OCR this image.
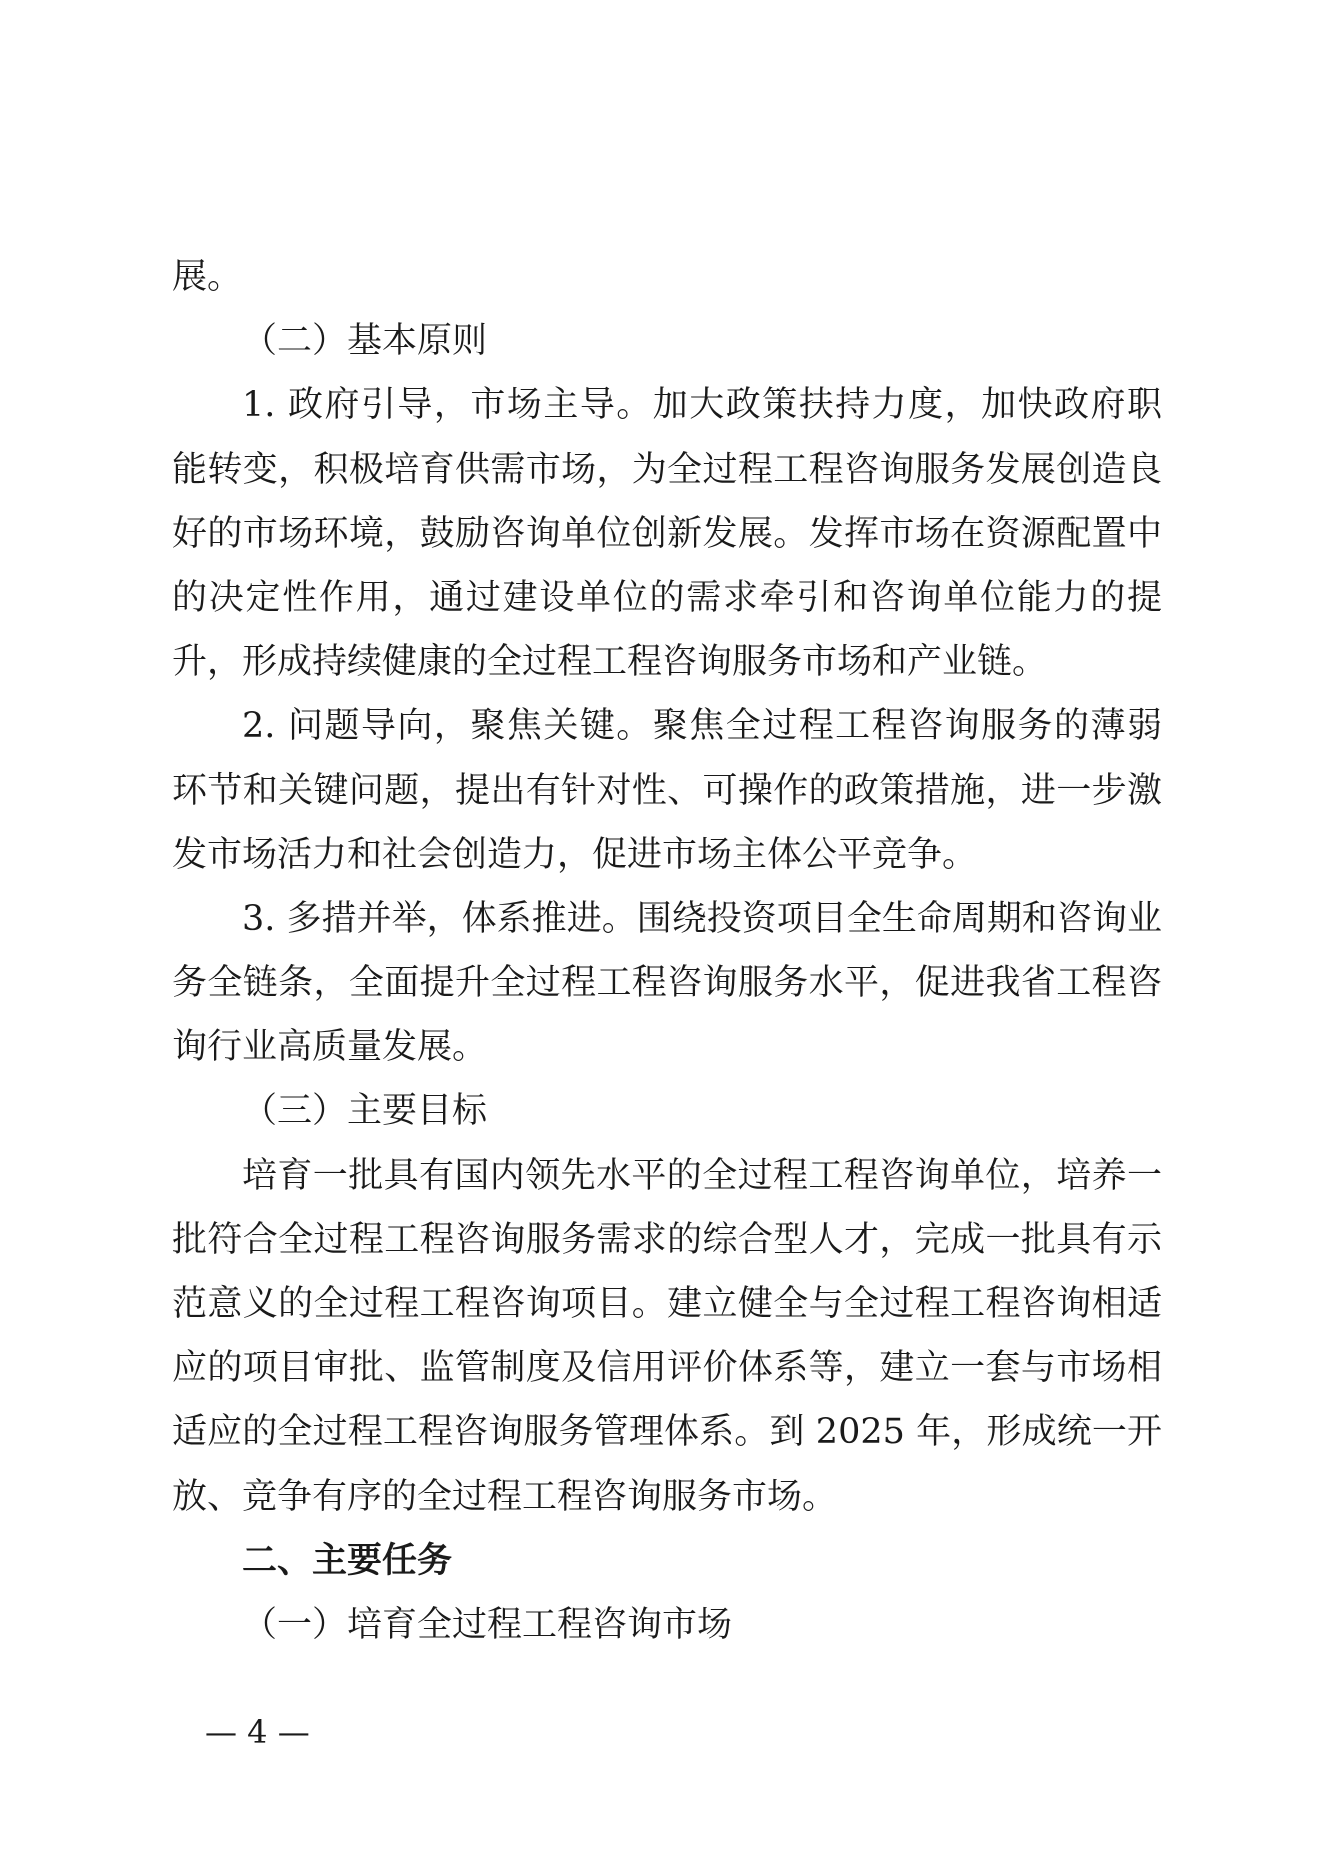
展。
（二）基本原则
1. 政府引导，市场主导。加大政策扶持力度，加快政府职
能转变，积极培育供需市场，为全过程工程咨询服务发展创造良
好的市场环境，鼓励咨询单位创新发展。发挥市场在资源配置中
的决定性作用，通过建设单位的需求牵引和咨询单位能力的提
升，形成持续健康的全过程工程咨询服务市场和产业链。
2. 问题导向，聚焦关键。聚焦全过程工程咨询服务的薄弱
环节和关键问题，提出有针对性、可操作的政策措施，进一步激
发市场活力和社会创造力，促进市场主体公平竞争。
3. 多措并举，体系推进。围绕投资项目全生命周期和咨询业
务全链条，全面提升全过程工程咨询服务水平，促进我省工程咨
询行业高质量发展。
（三）主要目标
培育一批具有国内领先水平的全过程工程咨询单位，培养一
批符合全过程工程咨询服务需求的综合型人才，完成一批具有示
范意义的全过程工程咨询项目。建立健全与全过程工程咨询相适
应的项目审批、监管制度及信用评价体系等，建立一套与市场相
适应的全过程工程咨询服务管理体系。到 2025 年，形成统一开
放、竞争有序的全过程工程咨询服务市场。
二、主要任务
（一）培育全过程工程咨询市场
— 4 —
